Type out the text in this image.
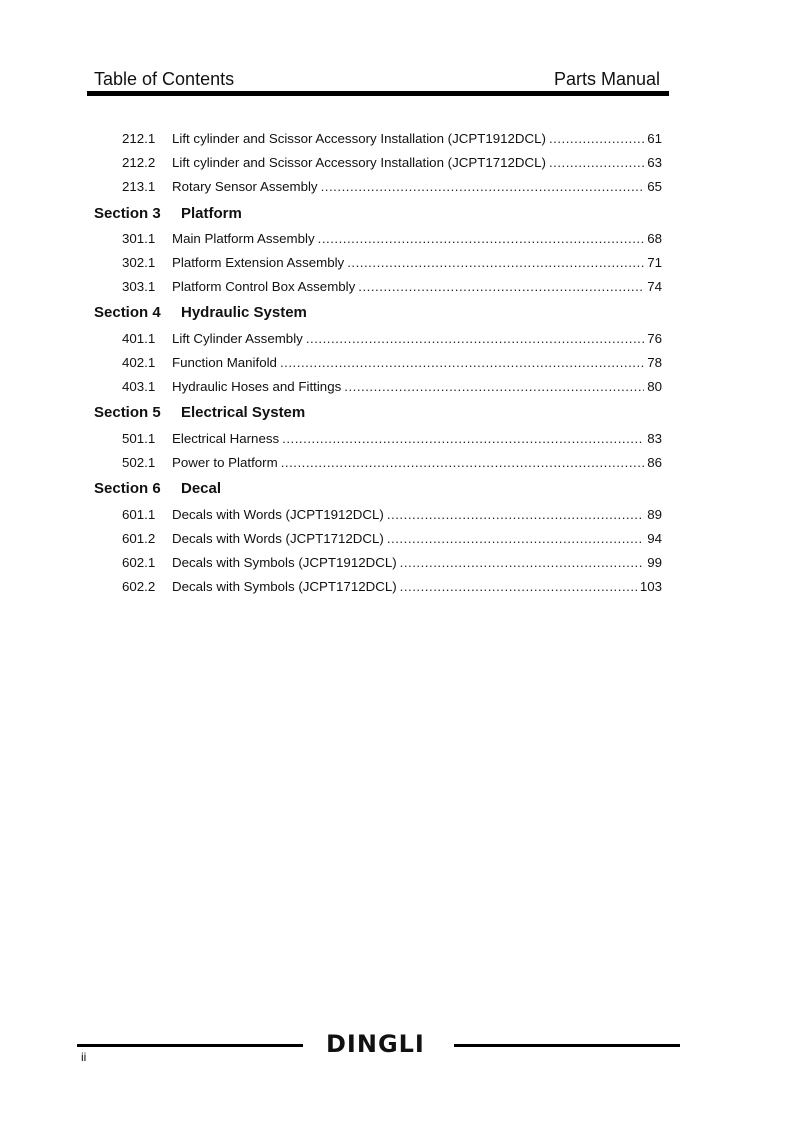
Table of Contents	Parts Manual
212.1	Lift cylinder and Scissor Accessory Installation (JCPT1912DCL) .....	61
212.2	Lift cylinder and Scissor Accessory Installation (JCPT1712DCL) .....	63
213.1	Rotary Sensor Assembly .....	65
Section 3 Platform
301.1	Main Platform Assembly .....	68
302.1	Platform Extension Assembly .....	71
303.1	Platform Control Box Assembly .....	74
Section 4 Hydraulic System
401.1	Lift Cylinder Assembly .....	76
402.1	Function Manifold .....	78
403.1	Hydraulic Hoses and Fittings .....	80
Section 5 Electrical System
501.1	Electrical Harness .....	83
502.1	Power to Platform .....	86
Section 6 Decal
601.1	Decals with Words (JCPT1912DCL) .....	89
601.2	Decals with Words (JCPT1712DCL) .....	94
602.1	Decals with Symbols (JCPT1912DCL) .....	99
602.2	Decals with Symbols (JCPT1712DCL) .....	103
DINGLI
ii
